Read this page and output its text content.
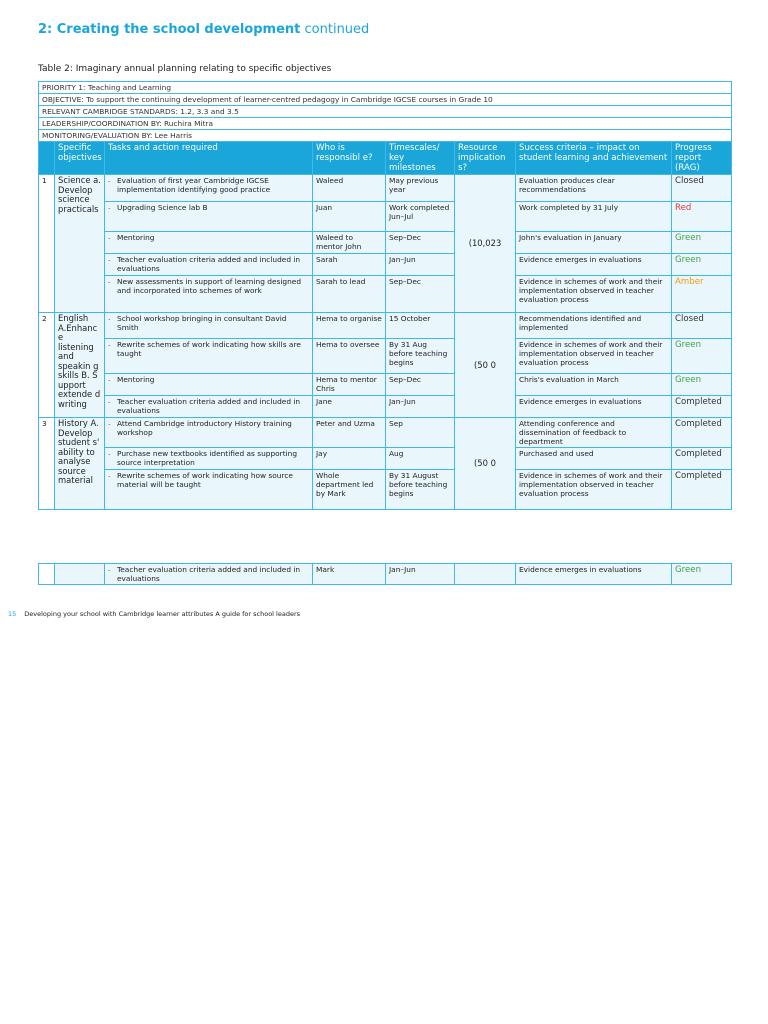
2: Creating the school development continued
Table 2: Imaginary annual planning relating to specific objectives
PRIORITY 1: Teaching and Learning							
OBJECTIVE: To support the continuing development of learner-centred pedagogy in Cambridge IGCSE courses in Grade 10							
RELEVANT CAMBRIDGE STANDARDS: 1.2, 3.3 and 3.5							
LEADERSHIP/COORDINATION BY: Ruchira Mitra							
MONITORING/EVALUATION BY: Lee Harris							
	Specific objectives	Tasks and action required	Who is responsibl e?	Timescales/ key milestones	Resource implication s?	Success criteria – impact on student learning and achievement	Progress report (RAG)
1	Science a. Develop science practicals	. Evaluation of first year Cambridge IGCSE implementation identifying good practice	Waleed	May previous year	(10,023	Evaluation produces clear recommendations	Closed
		. Upgrading Science lab B	Juan	Work completed Jun–Jul		Work completed by 31 July	Red
		. Mentoring	Waleed to mentor John	Sep–Dec		John's evaluation in January	Green
		. Teacher evaluation criteria added and included in evaluations	Sarah	Jan–Jun		Evidence emerges in evaluations	Green
		. New assessments in support of learning designed and incorporated into schemes of work	Sarah to lead	Sep–Dec		Evidence in schemes of work and their implementation observed in teacher evaluation process	Amber
2	English A.Enhanc e listening and speakin g skills B. S upport extende d writing	. School workshop bringing in consultant David Smith	Hema to organise	15 October	(50 0	Recommendations identified and implemented	Closed
		. Rewrite schemes of work indicating how skills are taught	Hema to oversee	By 31 Aug before teaching begins		Evidence in schemes of work and their implementation observed in teacher evaluation process	Green
		. Mentoring	Hema to mentor Chris	Sep–Dec		Chris's evaluation in March	Green
		. Teacher evaluation criteria added and included in evaluations	Jane	Jan–Jun		Evidence emerges in evaluations	Completed
3	History A. Develop student s' ability to analyse source material	. Attend Cambridge introductory History training workshop	Peter and Uzma	Sep	(50 0	Attending conference and dissemination of feedback to department	Completed
		. Purchase new textbooks identified as supporting source interpretation	Jay	Aug		Purchased and used	Completed
		. Rewrite schemes of work indicating how source material will be taught	Whole department led by Mark	By 31 August before teaching begins		Evidence in schemes of work and their implementation observed in teacher evaluation process	Completed
		. Teacher evaluation criteria added and included in evaluations	Mark	Jan–Jun		Evidence emerges in evaluations	Green
15 Developing your school with Cambridge learner attributes A guide for school leaders
